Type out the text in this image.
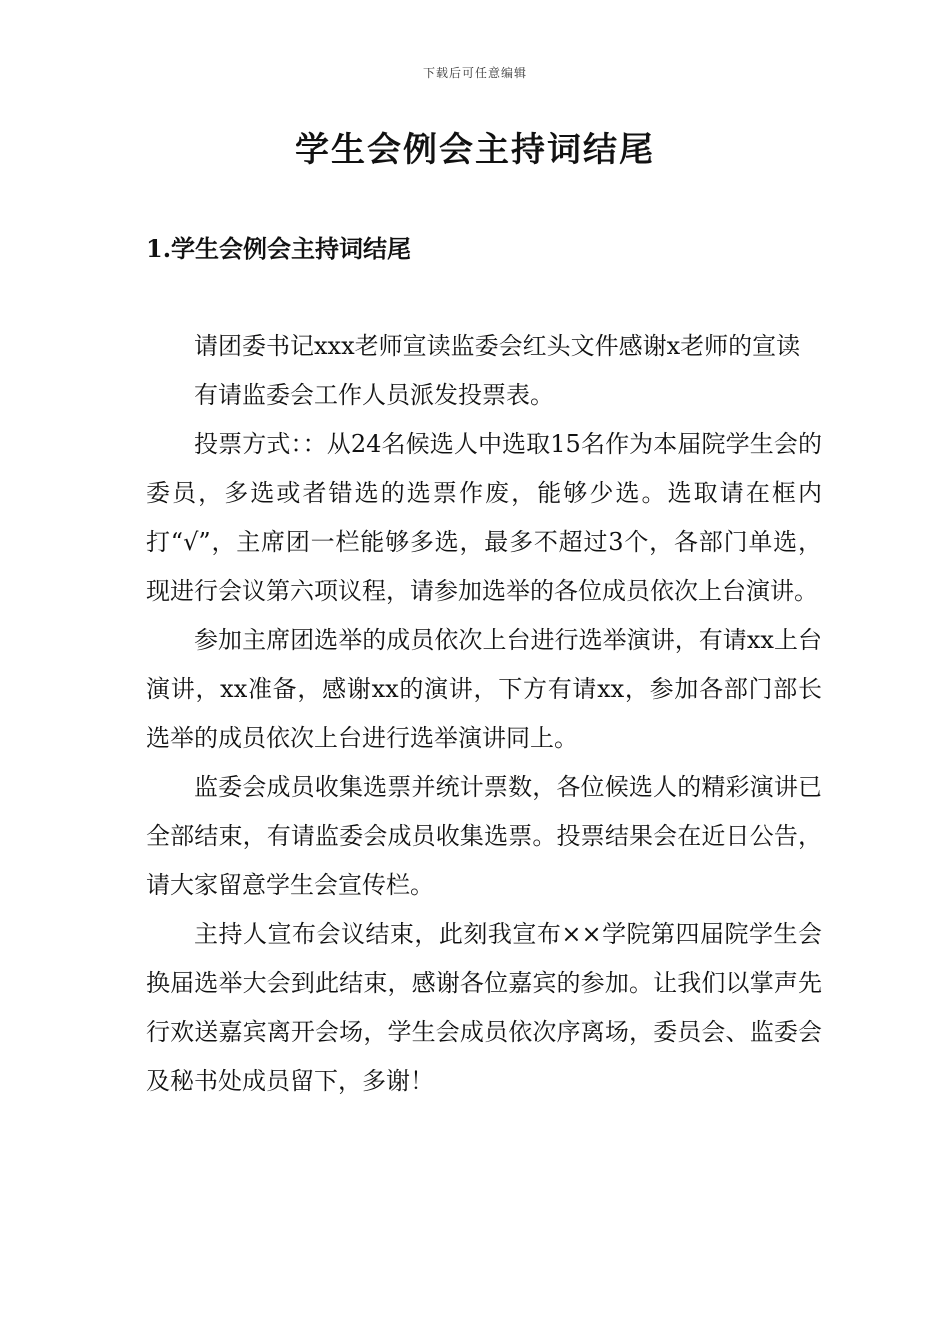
下载后可任意编辑
学生会例会主持词结尾
1.学生会例会主持词结尾

请团委书记xxx老师宣读监委会红头文件感谢x老师的宣读

有请监委会工作人员派发投票表。

投票方式：：从24名候选人中选取15名作为本届院学生会的委员，多选或者错选的选票作废，能够少选。选取请在框内打“√”，主席团一栏能够多选，最多不超过3个，各部门单选，现进行会议第六项议程，请参加选举的各位成员依次上台演讲。

参加主席团选举的成员依次上台进行选举演讲，有请xx上台演讲，xx准备，感谢xx的演讲，下方有请xx，参加各部门部长选举的成员依次上台进行选举演讲同上。

监委会成员收集选票并统计票数，各位候选人的精彩演讲已全部结束，有请监委会成员收集选票。投票结果会在近日公告，请大家留意学生会宣传栏。

主持人宣布会议结束，此刻我宣布××学院第四届院学生会换届选举大会到此结束，感谢各位嘉宾的参加。让我们以掌声先行欢送嘉宾离开会场，学生会成员依次序离场，委员会、监委会及秘书处成员留下，多谢！
